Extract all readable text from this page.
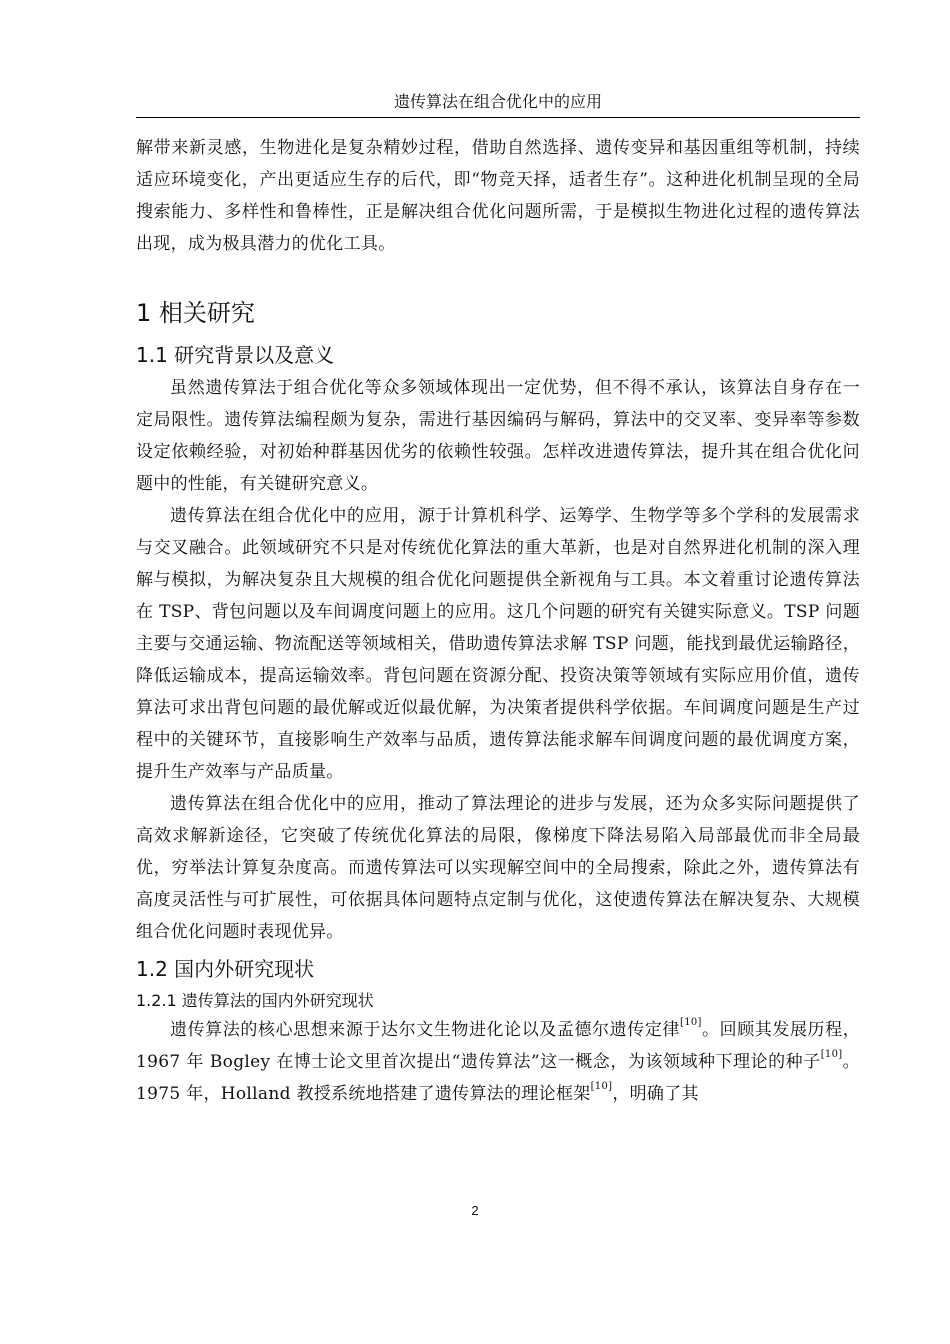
遗传算法在组合优化中的应用

解带来新灵感，生物进化是复杂精妙过程，借助自然选择、遗传变异和基因重组等机制，持续适应环境变化，产出更适应生存的后代，即“物竞天择，适者生存”。这种进化机制呈现的全局搜索能力、多样性和鲁棒性，正是解决组合优化问题所需，于是模拟生物进化过程的遗传算法出现，成为极具潜力的优化工具。

1 相关研究
1.1 研究背景以及意义

虽然遗传算法于组合优化等众多领域体现出一定优势，但不得不承认，该算法自身存在一定局限性。遗传算法编程颇为复杂，需进行基因编码与解码，算法中的交叉率、变异率等参数设定依赖经验，对初始种群基因优劣的依赖性较强。怎样改进遗传算法，提升其在组合优化问题中的性能，有关键研究意义。

遗传算法在组合优化中的应用，源于计算机科学、运筹学、生物学等多个学科的发展需求与交叉融合。此领域研究不只是对传统优化算法的重大革新，也是对自然界进化机制的深入理解与模拟，为解决复杂且大规模的组合优化问题提供全新视角与工具。本文着重讨论遗传算法在 TSP、背包问题以及车间调度问题上的应用。这几个问题的研究有关键实际意义。TSP 问题主要与交通运输、物流配送等领域相关，借助遗传算法求解 TSP 问题，能找到最优运输路径，降低运输成本，提高运输效率。背包问题在资源分配、投资决策等领域有实际应用价值，遗传算法可求出背包问题的最优解或近似最优解，为决策者提供科学依据。车间调度问题是生产过程中的关键环节，直接影响生产效率与品质，遗传算法能求解车间调度问题的最优调度方案，提升生产效率与产品质量。

遗传算法在组合优化中的应用，推动了算法理论的进步与发展，还为众多实际问题提供了高效求解新途径，它突破了传统优化算法的局限，像梯度下降法易陷入局部最优而非全局最优，穷举法计算复杂度高。而遗传算法可以实现解空间中的全局搜索，除此之外，遗传算法有高度灵活性与可扩展性，可依据具体问题特点定制与优化，这使遗传算法在解决复杂、大规模组合优化问题时表现优异。

1.2 国内外研究现状
1.2.1 遗传算法的国内外研究现状

遗传算法的核心思想来源于达尔文生物进化论以及孟德尔遗传定律[10]。回顾其发展历程，1967 年 Bogley 在博士论文里首次提出“遗传算法”这一概念，为该领域种下理论的种子[10]。1975 年，Holland 教授系统地搭建了遗传算法的理论框架[10]，明确了其

2
